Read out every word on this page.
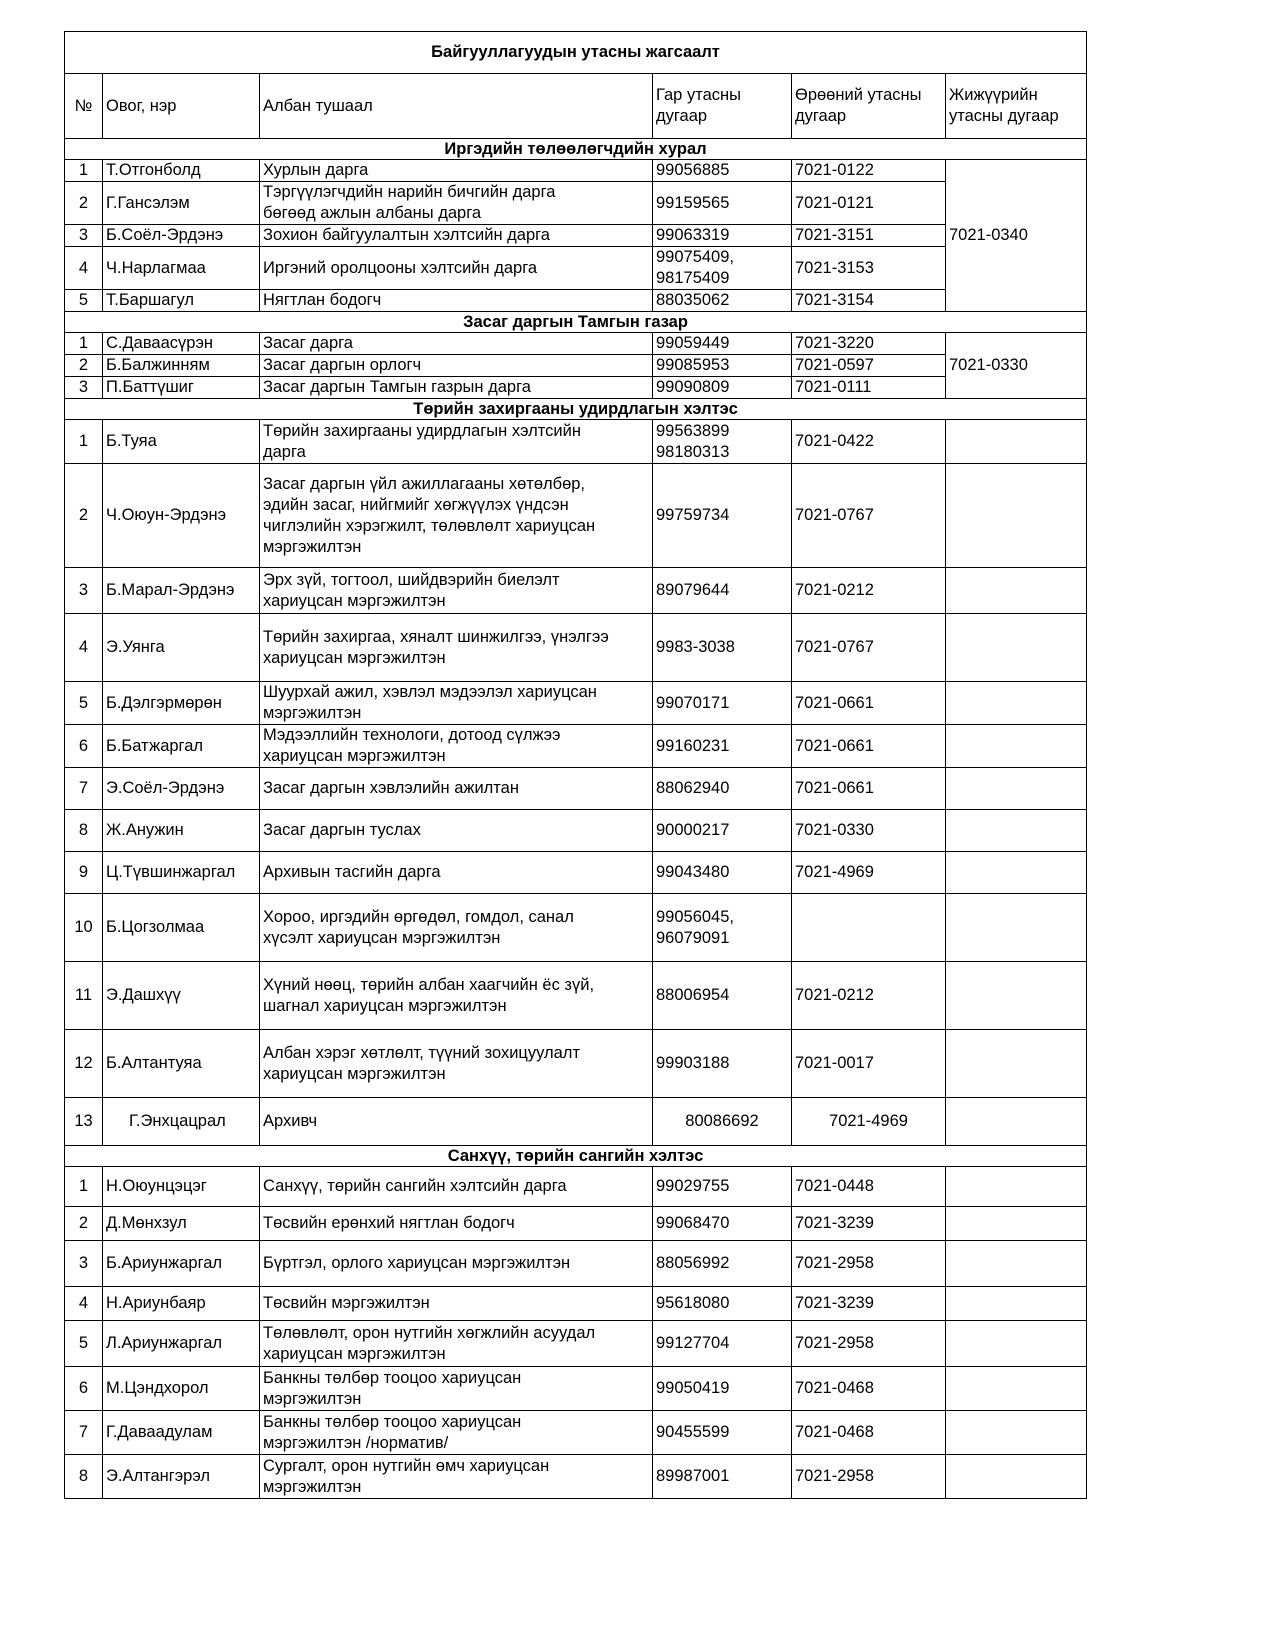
Байгууллагуудын утасны жагсаалт					
№	Овог, нэр	Албан тушаал	Гар утасны дугаар	Өрөөний утасны дугаар	Жижүүрийн утасны дугаар
Иргэдийн төлөөлөгчдийн хурал					
1	Т.Отгонболд	Хурлын дарга	99056885	7021-0122	7021-0340
2	Г.Гансэлэм	Тэргүүлэгчдийн нарийн бичгийн дарга
бөгөөд ажлын албаны дарга	99159565	7021-0121	
3	Б.Соёл-Эрдэнэ	Зохион байгуулалтын хэлтсийн дарга	99063319	7021-3151	
4	Ч.Нарлагмаа	Иргэний оролцооны хэлтсийн дарга	99075409,
98175409	7021-3153	
5	Т.Баршагул	Нягтлан бодогч	88035062	7021-3154	
Засаг даргын Тамгын газар					
1	С.Даваасүрэн	Засаг дарга	99059449	7021-3220	7021-0330
2	Б.Балжинням	Засаг даргын орлогч	99085953	7021-0597	
3	П.Баттүшиг	Засаг даргын Тамгын газрын дарга	99090809	7021-0111	
Төрийн захиргааны удирдлагын хэлтэс					
1	Б.Туяа	Төрийн захиргааны удирдлагын хэлтсийн
дарга	99563899
98180313	7021-0422	
2	Ч.Оюун-Эрдэнэ	Засаг даргын үйл ажиллагааны хөтөлбөр,
эдийн засаг, нийгмийг хөгжүүлэх үндсэн
чиглэлийн хэрэгжилт, төлөвлөлт хариуцсан
мэргэжилтэн	99759734	7021-0767	
3	Б.Марал-Эрдэнэ	Эрх зүй, тогтоол, шийдвэрийн биелэлт
хариуцсан мэргэжилтэн	89079644	7021-0212	
4	Э.Уянга	Төрийн захиргаа, хяналт шинжилгээ, үнэлгээ
хариуцсан мэргэжилтэн	9983-3038	7021-0767	
5	Б.Дэлгэрмөрөн	Шуурхай ажил, хэвлэл мэдээлэл хариуцсан
мэргэжилтэн	99070171	7021-0661	
6	Б.Батжаргал	Мэдээллийн технологи, дотоод сүлжээ
хариуцсан мэргэжилтэн	99160231	7021-0661	
7	Э.Соёл-Эрдэнэ	Засаг даргын хэвлэлийн ажилтан	88062940	7021-0661	
8	Ж.Анужин	Засаг даргын туслах	90000217	7021-0330	
9	Ц.Түвшинжаргал	Архивын тасгийн дарга	99043480	7021-4969	
10	Б.Цогзолмаа	Хороо, иргэдийн өргөдөл, гомдол, санал
хүсэлт хариуцсан мэргэжилтэн	99056045,
96079091

11	Э.Дашхүү	Хүний нөөц, төрийн албан хаагчийн ёс зүй,
шагнал хариуцсан мэргэжилтэн	88006954	7021-0212	
12	Б.Алтантуяа	Албан хэрэг хөтлөлт, түүний зохицуулалт
хариуцсан мэргэжилтэн	99903188	7021-0017	
13	Г.Энхцацрал	Архивч	80086692	7021-4969	
Санхүү, төрийн сангийн хэлтэс					
1	Н.Оюунцэцэг	Санхүү, төрийн сангийн хэлтсийн дарга	99029755	7021-0448	
2	Д.Мөнхзул	Төсвийн ерөнхий нягтлан бодогч	99068470	7021-3239	
3	Б.Ариунжаргал	Бүртгэл, орлого хариуцсан мэргэжилтэн	88056992	7021-2958	
4	Н.Ариунбаяр	Төсвийн мэргэжилтэн	95618080	7021-3239	
5	Л.Ариунжаргал	Төлөвлөлт, орон нутгийн хөгжлийн асуудал
хариуцсан мэргэжилтэн	99127704	7021-2958	
6	М.Цэндхорол	Банкны төлбөр тооцоо хариуцсан
мэргэжилтэн	99050419	7021-0468	
7	Г.Даваадулам	Банкны төлбөр тооцоо хариуцсан
мэргэжилтэн /норматив/	90455599	7021-0468	
8	Э.Алтангэрэл	Сургалт, орон нутгийн өмч хариуцсан
мэргэжилтэн	89987001	7021-2958	
